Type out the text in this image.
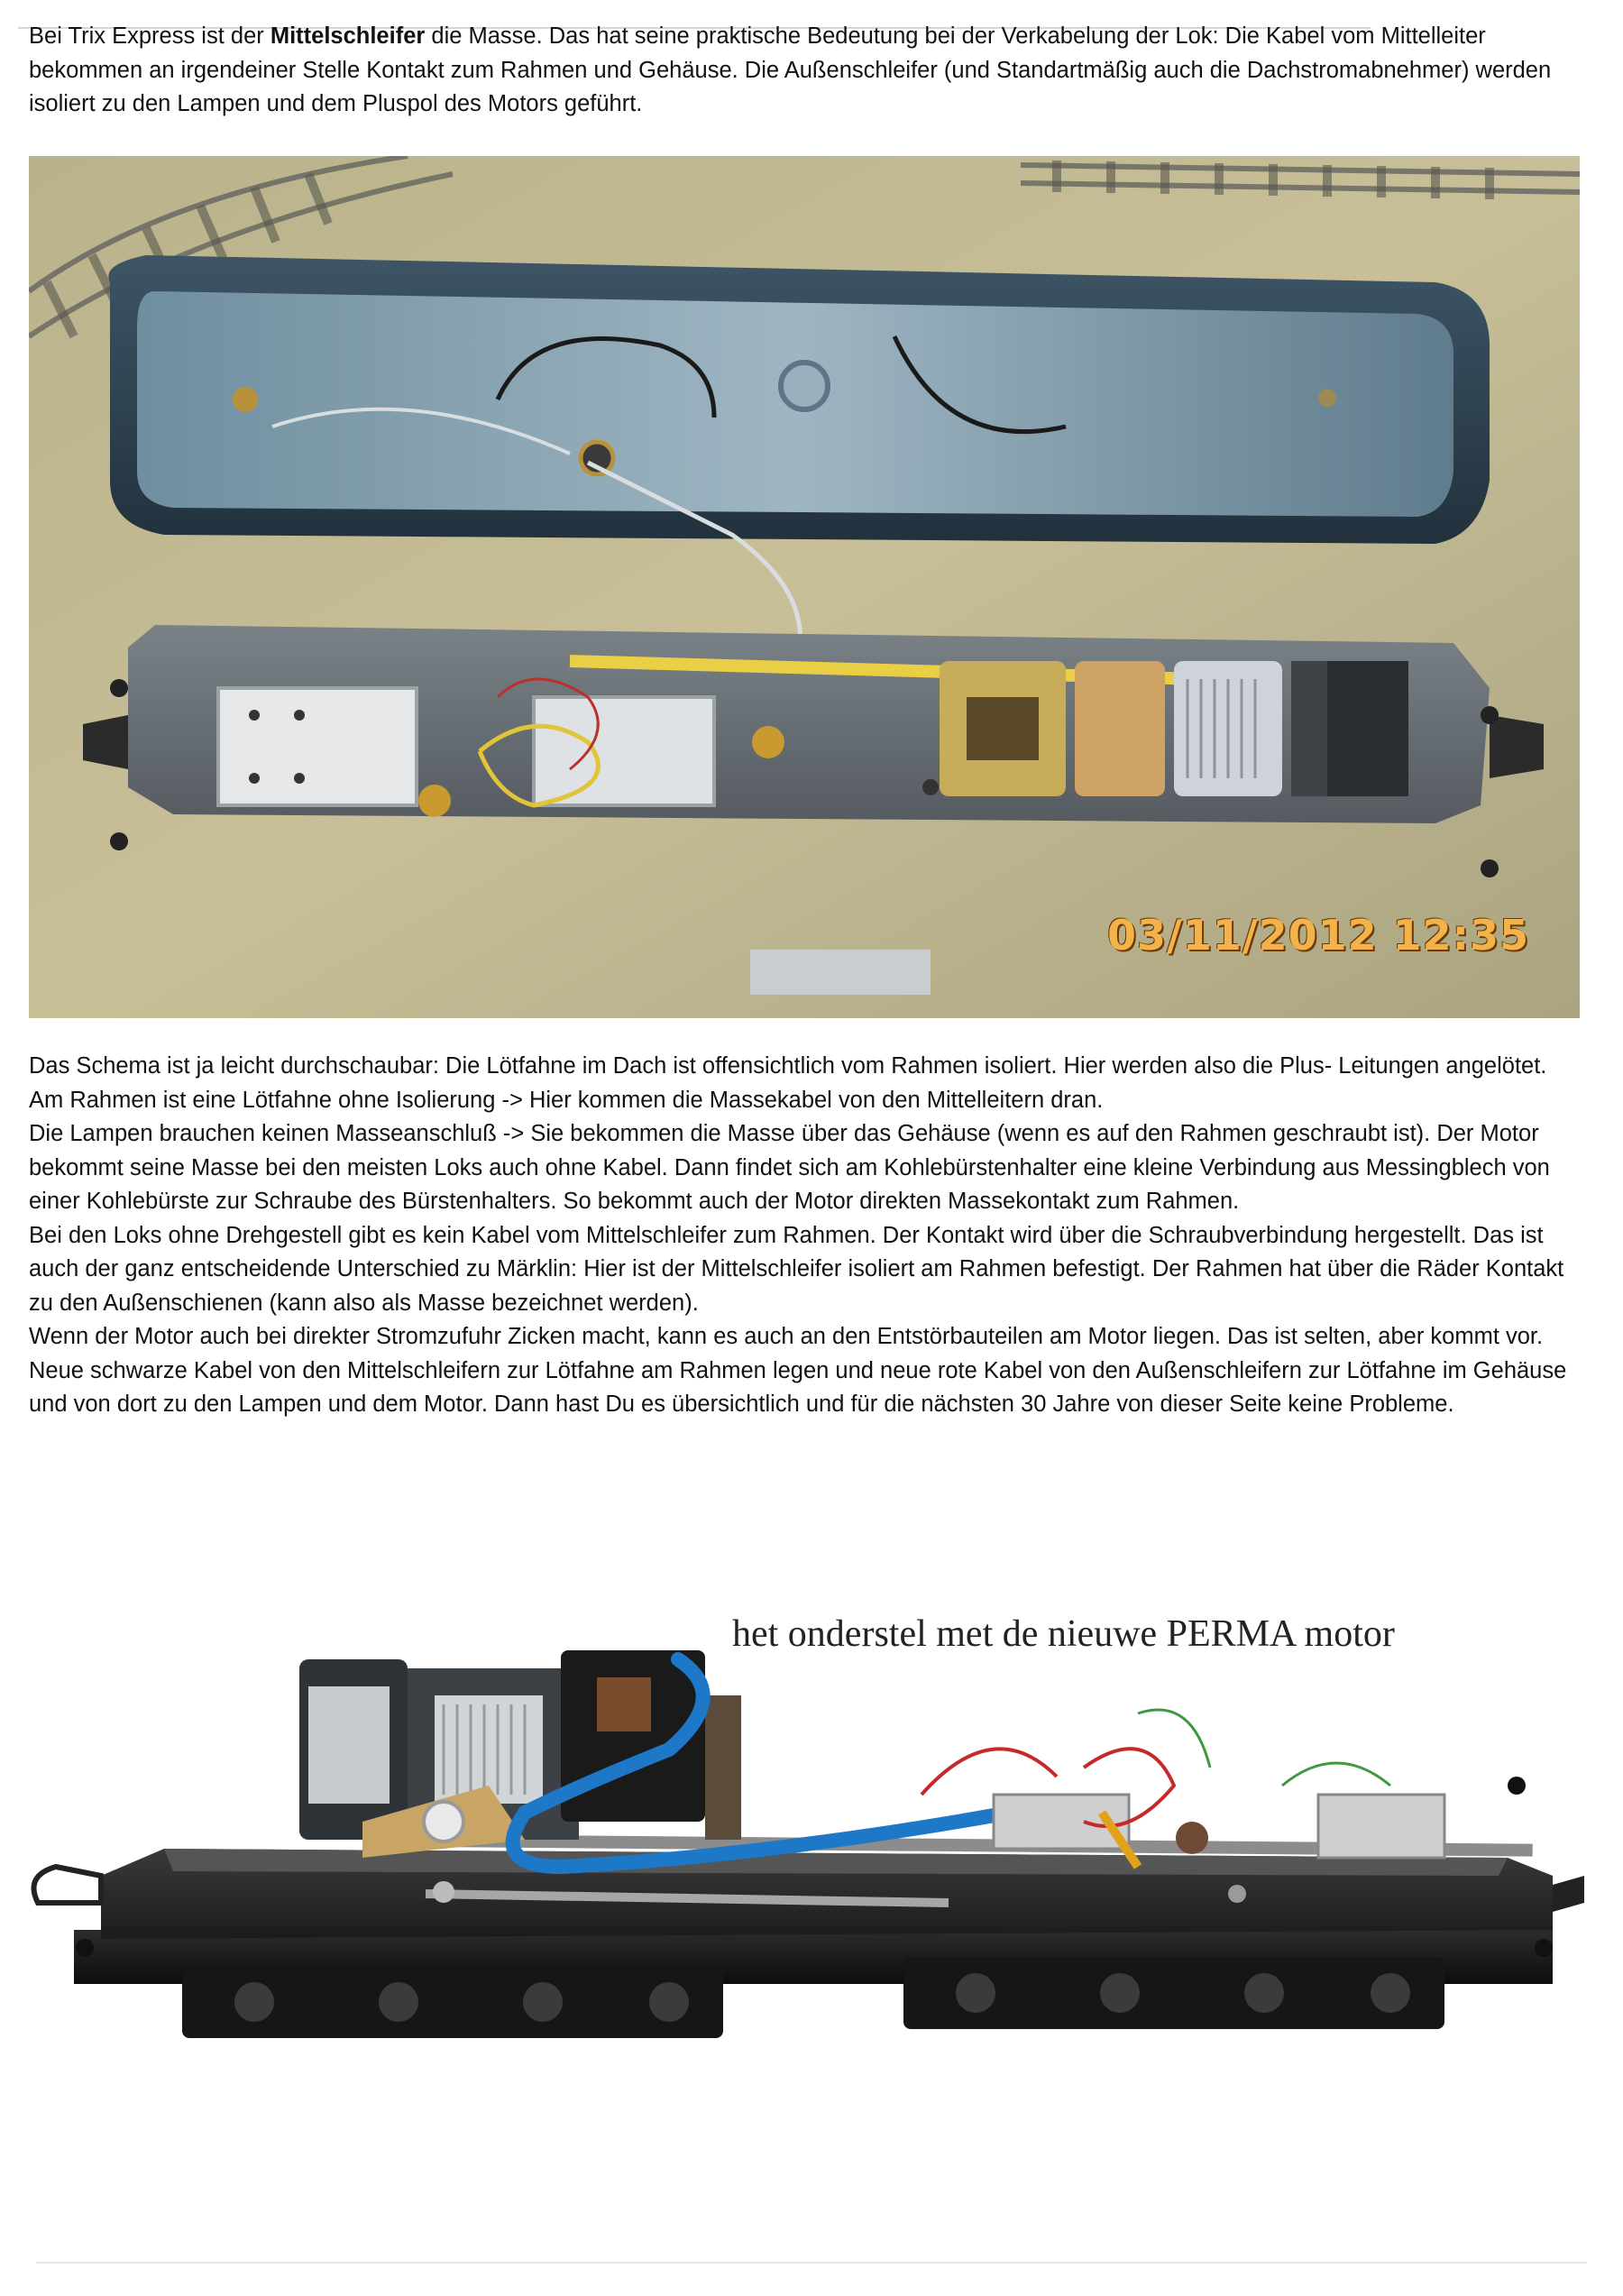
Bei Trix Express ist der Mittelschleifer die Masse. Das hat seine praktische Bedeutung bei der Verkabelung der Lok: Die Kabel vom Mittelleiter bekommen an irgendeiner Stelle Kontakt zum Rahmen und Gehäuse. Die Außenschleifer (und Standartmäßig auch die Dachstromabnehmer) werden isoliert zu den Lampen und dem Pluspol des Motors geführt.

03/11/2012 12:35
Das Schema ist ja leicht durchschaubar: Die Lötfahne im Dach ist offensichtlich vom Rahmen isoliert. Hier werden also die Plus- Leitungen angelötet. Am Rahmen ist eine Lötfahne ohne Isolierung -> Hier kommen die Massekabel von den Mittelleitern dran.
Die Lampen brauchen keinen Masseanschluß -> Sie bekommen die Masse über das Gehäuse (wenn es auf den Rahmen geschraubt ist). Der Motor bekommt seine Masse bei den meisten Loks auch ohne Kabel. Dann findet sich am Kohlebürstenhalter eine kleine Verbindung aus Messingblech von einer Kohlebürste zur Schraube des Bürstenhalters. So bekommt auch der Motor direkten Massekontakt zum Rahmen.
Bei den Loks ohne Drehgestell gibt es kein Kabel vom Mittelschleifer zum Rahmen. Der Kontakt wird über die Schraubverbindung hergestellt. Das ist auch der ganz entscheidende Unterschied zu Märklin: Hier ist der Mittelschleifer isoliert am Rahmen befestigt. Der Rahmen hat über die Räder Kontakt zu den Außenschienen (kann also als Masse bezeichnet werden).
Wenn der Motor auch bei direkter Stromzufuhr Zicken macht, kann es auch an den Entstörbauteilen am Motor liegen. Das ist selten, aber kommt vor. Neue schwarze Kabel von den Mittelschleifern zur Lötfahne am Rahmen legen und neue rote Kabel von den Außenschleifern zur Lötfahne im Gehäuse und von dort zu den Lampen und dem Motor. Dann hast Du es übersichtlich und für die nächsten 30 Jahre von dieser Seite keine Probleme.
het onderstel met de nieuwe PERMA motor
